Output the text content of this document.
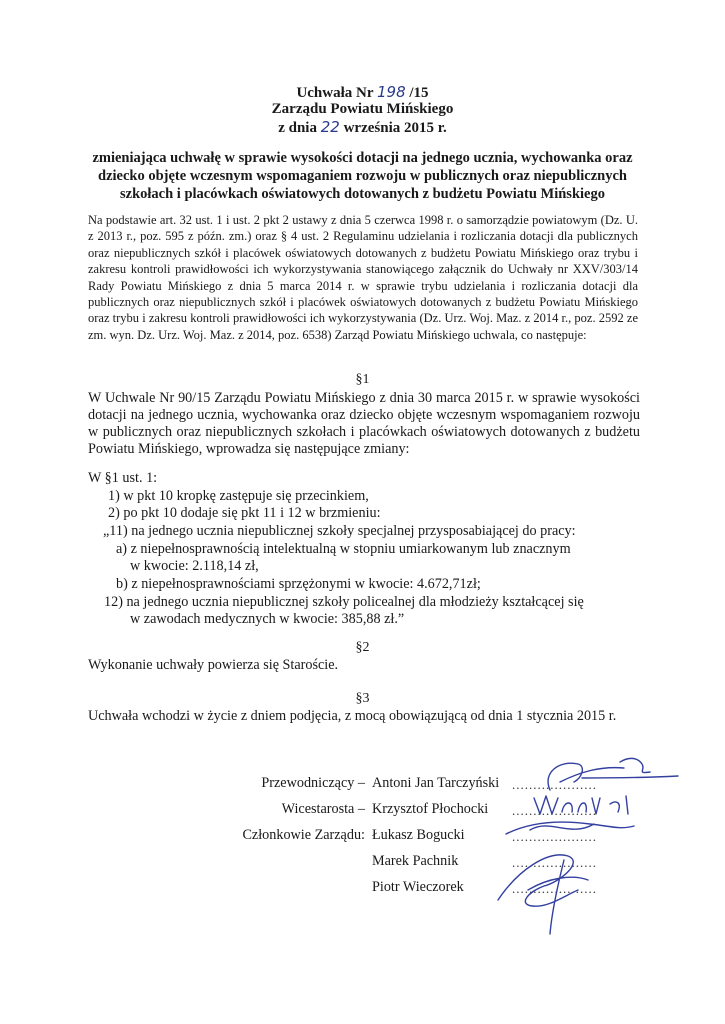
Uchwała Nr 198 /15
Zarządu Powiatu Mińskiego
z dnia 22 września 2015 r.
zmieniająca uchwałę w sprawie wysokości dotacji na jednego ucznia, wychowanka oraz
dziecko objęte wczesnym wspomaganiem rozwoju w publicznych oraz niepublicznych
szkołach i placówkach oświatowych dotowanych z budżetu Powiatu Mińskiego
Na podstawie art. 32 ust. 1 i ust. 2 pkt 2 ustawy z dnia 5 czerwca 1998 r. o samorządzie powiatowym (Dz. U. z 2013 r., poz. 595 z późn. zm.) oraz § 4 ust. 2 Regulaminu udzielania i rozliczania dotacji dla publicznych oraz niepublicznych szkół i placówek oświatowych dotowanych z budżetu Powiatu Mińskiego oraz trybu i zakresu kontroli prawidłowości ich wykorzystywania stanowiącego załącznik do Uchwały nr XXV/303/14 Rady Powiatu Mińskiego z dnia 5 marca 2014 r. w sprawie trybu udzielania i rozliczania dotacji dla publicznych oraz niepublicznych szkół i placówek oświatowych dotowanych z budżetu Powiatu Mińskiego oraz trybu i zakresu kontroli prawidłowości ich wykorzystywania (Dz. Urz. Woj. Maz. z 2014 r., poz. 2592 ze zm. wyn. Dz. Urz. Woj. Maz. z 2014, poz. 6538) Zarząd Powiatu Mińskiego uchwala, co następuje:
§1
W Uchwale Nr 90/15 Zarządu Powiatu Mińskiego z dnia 30 marca 2015 r. w sprawie wysokości dotacji na jednego ucznia, wychowanka oraz dziecko objęte wczesnym wspomaganiem rozwoju w publicznych oraz niepublicznych szkołach i placówkach oświatowych dotowanych z budżetu Powiatu Mińskiego, wprowadza się następujące zmiany:
W §1 ust. 1:
1) w pkt 10 kropkę zastępuje się przecinkiem,
2) po pkt 10 dodaje się pkt 11 i 12 w brzmieniu:
„11) na jednego ucznia niepublicznej szkoły specjalnej przysposabiającej do pracy:
a) z niepełnosprawnością intelektualną w stopniu umiarkowanym lub znacznym
w kwocie: 2.118,14 zł,
b) z niepełnosprawnościami sprzężonymi w kwocie: 4.672,71zł;
12) na jednego ucznia niepublicznej szkoły policealnej dla młodzieży kształcącej się
w zawodach medycznych w kwocie: 385,88 zł.”
§2
Wykonanie uchwały powierza się Staroście.
§3
Uchwała wchodzi w życie z dniem podjęcia, z mocą obowiązującą od dnia 1 stycznia 2015 r.
Przewodniczący – Antoni Jan Tarczyński ....................
Wicestarosta – Krzysztof Płochocki ....................
Członkowie Zarządu: Łukasz Bogucki	....................
Marek Pachnik	....................
Piotr Wieczorek	....................
